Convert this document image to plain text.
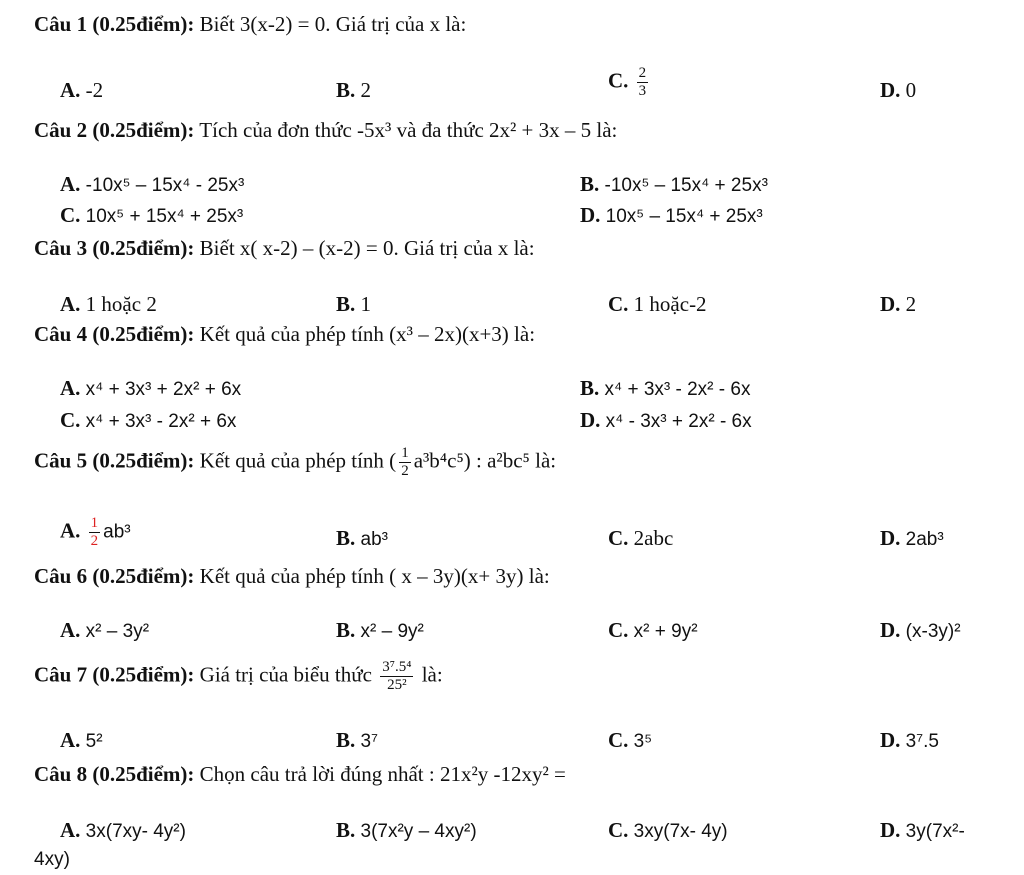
Câu 1 (0.25điểm): Biết 3(x-2) = 0. Giá trị của x là:
A. -2	B. 2	C. $\frac{2}{3}$	D. 0
Câu 2 (0.25điểm): Tích của đơn thức -5x³ và đa thức 2x² + 3x – 5 là:
A. -10x⁵ – 15x⁴ - 25x³	B. -10x⁵ – 15x⁴ + 25x³
C. 10x⁵ + 15x⁴ + 25x³	D. 10x⁵ – 15x⁴ + 25x³
Câu 3 (0.25điểm): Biết x( x-2) – (x-2) = 0. Giá trị của x là:
A. 1 hoặc 2	B. 1	C. 1 hoặc-2	D. 2
Câu 4 (0.25điểm): Kết quả của phép tính (x³ – 2x)(x+3) là:
A. x⁴ + 3x³ + 2x² + 6x	B. x⁴ + 3x³ - 2x² - 6x
C. x⁴ + 3x³ - 2x² + 6x	D. x⁴ - 3x³ + 2x² - 6x
Câu 5 (0.25điểm): Kết quả của phép tính ( $\frac{1}{2} a^3b^4c^5$) : a²bc⁵ là:
A. $\frac{1}{2} ab^3$	B. ab³	C. 2abc	D. 2ab³
Câu 6 (0.25điểm): Kết quả của phép tính ( x – 3y)(x+ 3y) là:
A. x² – 3y²	B. x² – 9y²	C. x² + 9y²	D. (x-3y)²
Câu 7 (0.25điểm): Giá trị của biểu thức $\frac{\text{3⁷.5⁴}}{\text{25²}}$ là:
A. 5²	B. 3⁷	C. 3⁵	D. 3⁷.5
Câu 8 (0.25điểm): Chọn câu trả lời đúng nhất : 21x²y -12xy² =
A. 3x(7xy- 4y²)	B. 3(7x²y – 4xy²)	C. 3xy(7x- 4y)	D. 3y(7x²-
4xy)
